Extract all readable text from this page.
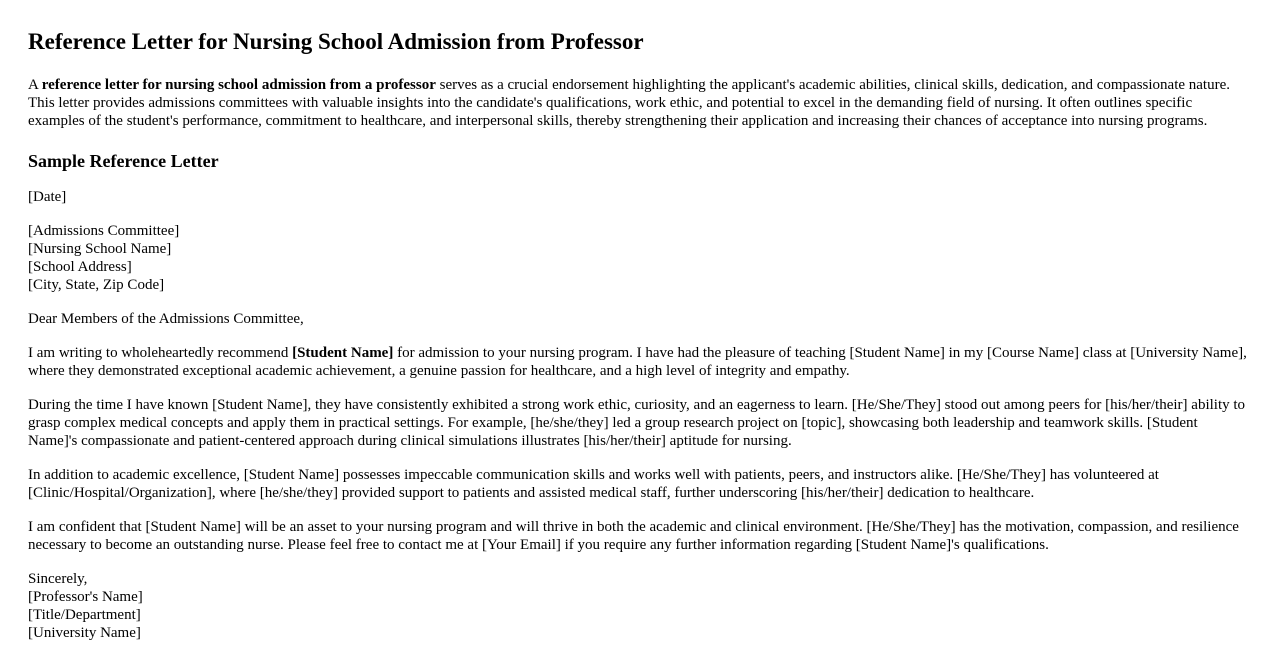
Reference Letter for Nursing School Admission from Professor

A reference letter for nursing school admission from a professor serves as a crucial endorsement highlighting the applicant's academic abilities, clinical skills, dedication, and compassionate nature. This letter provides admissions committees with valuable insights into the candidate's qualifications, work ethic, and potential to excel in the demanding field of nursing. It often outlines specific examples of the student's performance, commitment to healthcare, and interpersonal skills, thereby strengthening their application and increasing their chances of acceptance into nursing programs.

Sample Reference Letter

[Date]

[Admissions Committee]
[Nursing School Name]
[School Address]
[City, State, Zip Code]

Dear Members of the Admissions Committee,

I am writing to wholeheartedly recommend [Student Name] for admission to your nursing program. I have had the pleasure of teaching [Student Name] in my [Course Name] class at [University Name], where they demonstrated exceptional academic achievement, a genuine passion for healthcare, and a high level of integrity and empathy.

During the time I have known [Student Name], they have consistently exhibited a strong work ethic, curiosity, and an eagerness to learn. [He/She/They] stood out among peers for [his/her/their] ability to grasp complex medical concepts and apply them in practical settings. For example, [he/she/they] led a group research project on [topic], showcasing both leadership and teamwork skills. [Student Name]'s compassionate and patient-centered approach during clinical simulations illustrates [his/her/their] aptitude for nursing.

In addition to academic excellence, [Student Name] possesses impeccable communication skills and works well with patients, peers, and instructors alike. [He/She/They] has volunteered at [Clinic/Hospital/Organization], where [he/she/they] provided support to patients and assisted medical staff, further underscoring [his/her/their] dedication to healthcare.

I am confident that [Student Name] will be an asset to your nursing program and will thrive in both the academic and clinical environment. [He/She/They] has the motivation, compassion, and resilience necessary to become an outstanding nurse. Please feel free to contact me at [Your Email] if you require any further information regarding [Student Name]'s qualifications.

Sincerely,
[Professor's Name]
[Title/Department]
[University Name]
